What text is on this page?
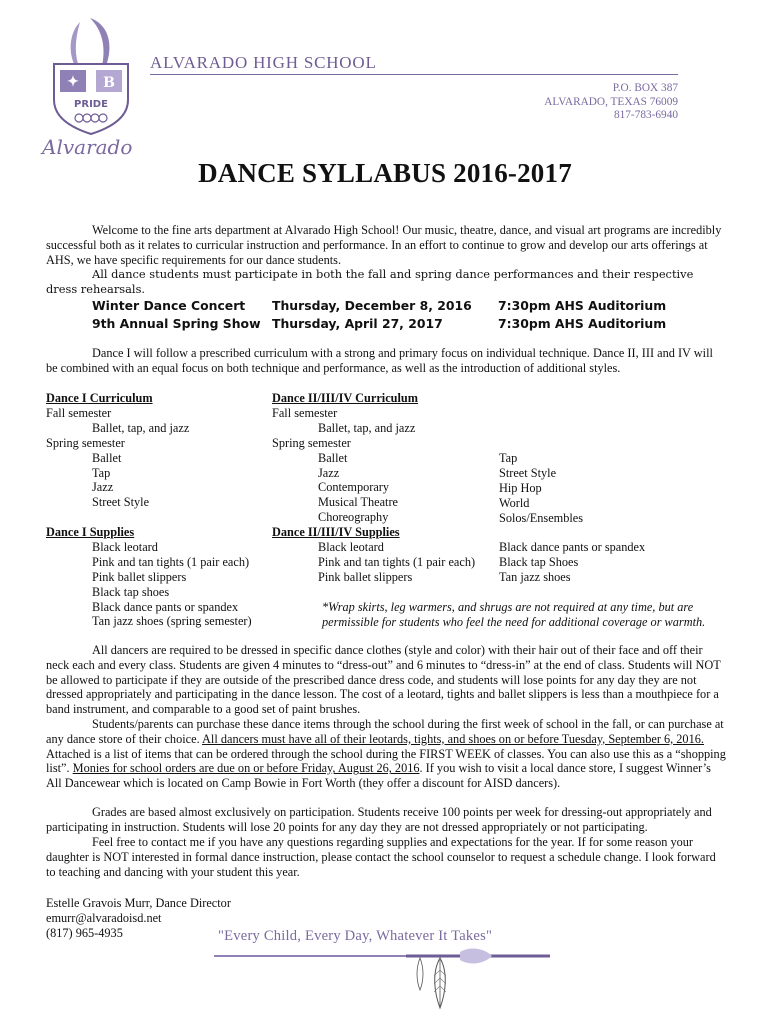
✦ B
PRIDE
Alvarado
ALVARADO HIGH SCHOOL
P.O. BOX 387
ALVARADO, TEXAS 76009
817-783-6940
DANCE SYLLABUS 2016-2017
Welcome to the fine arts department at Alvarado High School! Our music, theatre, dance, and visual art programs are incredibly successful both as it relates to curricular instruction and performance. In an effort to continue to grow and develop our arts offerings at AHS, we have specific requirements for our dance students.
All dance students must participate in both the fall and spring dance performances and their respective dress rehearsals.
Winter Dance Concert
9th Annual Spring Show
Thursday, December 8, 2016
Thursday, April 27, 2017
7:30pm AHS Auditorium
7:30pm AHS Auditorium
Dance I will follow a prescribed curriculum with a strong and primary focus on individual technique. Dance II, III and IV will be combined with an equal focus on both technique and performance, as well as the introduction of additional styles.
Dance I Curriculum
Fall semester
Ballet, tap, and jazz
Spring semester
Ballet
Tap
Jazz
Street Style
Dance II/III/IV Curriculum
Fall semester
Ballet, tap, and jazz
Spring semester
Ballet
Jazz
Contemporary
Musical Theatre
Choreography
Tap
Street Style
Hip Hop
World
Solos/Ensembles
Dance I Supplies
Black leotard
Pink and tan tights (1 pair each)
Pink ballet slippers
Black tap shoes
Black dance pants or spandex
Tan jazz shoes (spring semester)
Dance II/III/IV Supplies
Black leotard
Pink and tan tights (1 pair each)
Pink ballet slippers
Black dance pants or spandex
Black tap Shoes
Tan jazz shoes
*Wrap skirts, leg warmers, and shrugs are not required at any time, but are permissible for students who feel the need for additional coverage or warmth.
All dancers are required to be dressed in specific dance clothes (style and color) with their hair out of their face and off their neck each and every class. Students are given 4 minutes to “dress-out” and 6 minutes to “dress-in” at the end of class. Students will NOT be allowed to participate if they are outside of the prescribed dance dress code, and students will lose points for any day they are not dressed appropriately and participating in the dance lesson. The cost of a leotard, tights and ballet slippers is less than a mouthpiece for a band instrument, and comparable to a good set of paint brushes.
Students/parents can purchase these dance items through the school during the first week of school in the fall, or can purchase at any dance store of their choice. All dancers must have all of their leotards, tights, and shoes on or before Tuesday, September 6, 2016. Attached is a list of items that can be ordered through the school during the FIRST WEEK of classes. You can also use this as a “shopping list”. Monies for school orders are due on or before Friday, August 26, 2016. If you wish to visit a local dance store, I suggest Winner’s All Dancewear which is located on Camp Bowie in Fort Worth (they offer a discount for AISD dancers).
Grades are based almost exclusively on participation. Students receive 100 points per week for dressing-out appropriately and participating in instruction. Students will lose 20 points for any day they are not dressed appropriately or not participating.
Feel free to contact me if you have any questions regarding supplies and expectations for the year. If for some reason your daughter is NOT interested in formal dance instruction, please contact the school counselor to request a schedule change. I look forward to teaching and dancing with your student this year.
Estelle Gravois Murr, Dance Director
emurr@alvaradoisd.net
(817) 965-4935	"Every Child, Every Day, Whatever It Takes"
